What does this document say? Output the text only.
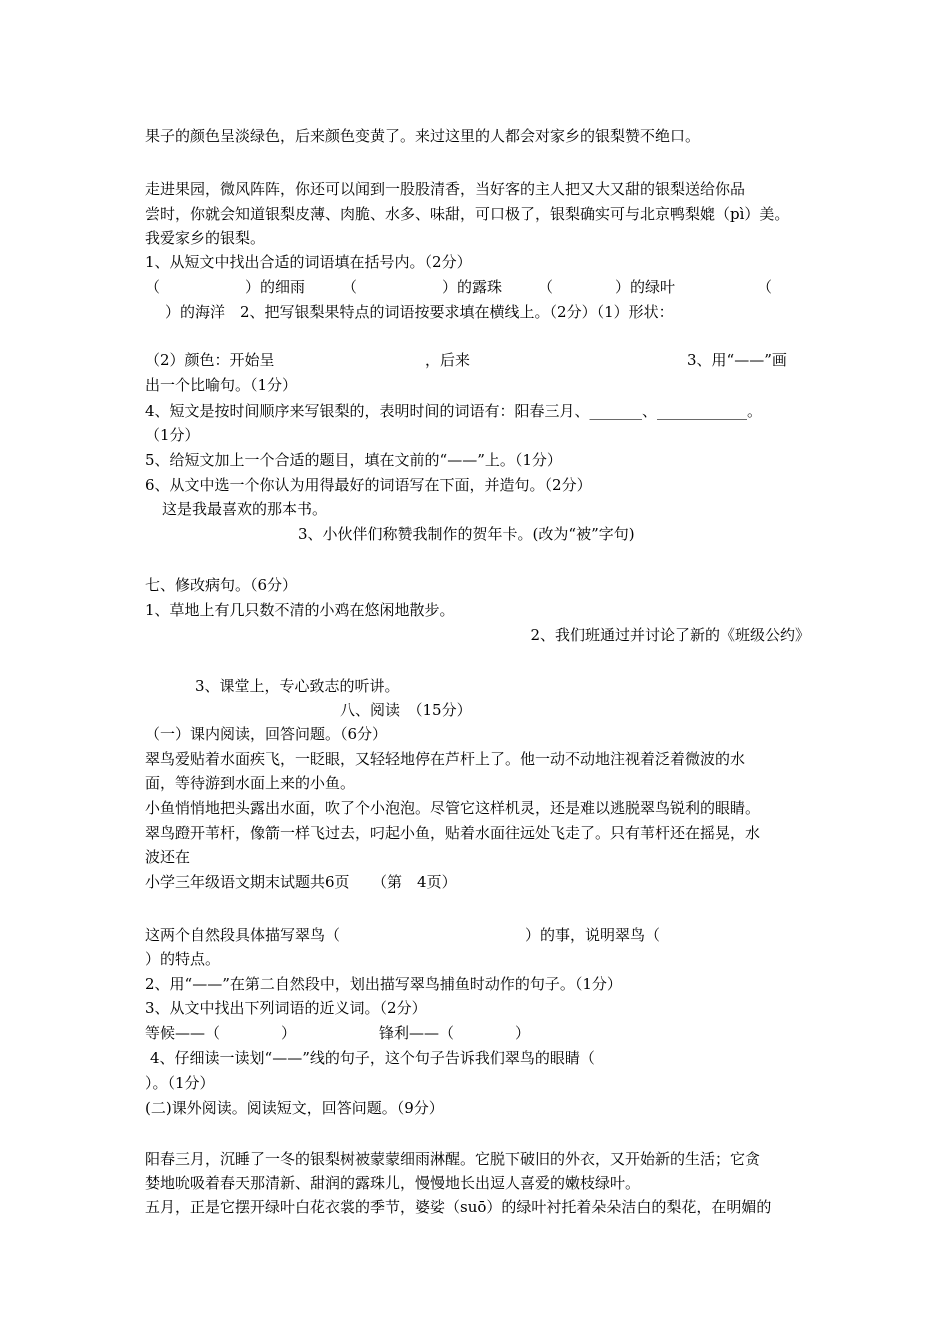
果子的颜色呈淡绿色，后来颜色变黄了。来过这里的人都会对家乡的银梨赞不绝口。
走进果园，微风阵阵，你还可以闻到一股股清香，当好客的主人把又大又甜的银梨送给你品
尝时，你就会知道银梨皮薄、肉脆、水多、味甜，可口极了，银梨确实可与北京鸭梨媲（pì）美。
我爱家乡的银梨。
1、从短文中找出合适的词语填在括号内。（2分）
（	）的细雨 （	）的露珠 （	）的绿叶	（
）的海洋　2、把写银梨果特点的词语按要求填在横线上。（2分）（1）形状：
（2）颜色：开始呈	，后来	3、用“——”画
出一个比喻句。（1分）
4、短文是按时间顺序来写银梨的，表明时间的词语有：阳春三月、_______、____________。
（1分）
5、给短文加上一个合适的题目，填在文前的“——”上。（1分）
6、从文中选一个你认为用得最好的词语写在下面，并造句。（2分）
这是我最喜欢的那本书。
3、小伙伴们称赞我制作的贺年卡。(改为“被”字句)
七、修改病句。（6分）
1、草地上有几只数不清的小鸡在悠闲地散步。
2、我们班通过并讨论了新的《班级公约》
3、课堂上，专心致志的听讲。
八、阅读　（15分）
（一）课内阅读，回答问题。（6分）
翠鸟爱贴着水面疾飞，一眨眼，又轻轻地停在芦杆上了。他一动不动地注视着泛着微波的水
面，等待游到水面上来的小鱼。
小鱼悄悄地把头露出水面，吹了个小泡泡。尽管它这样机灵，还是难以逃脱翠鸟锐利的眼睛。
翠鸟蹬开苇杆，像箭一样飞过去，叼起小鱼，贴着水面往远处飞走了。只有苇杆还在摇晃，水
波还在
小学三年级语文期末试题共6页　　（第　4页）
这两个自然段具体描写翠鸟（	）的事，说明翠鸟（
）的特点。
2、用“——”在第二自然段中，划出描写翠鸟捕鱼时动作的句子。（1分）
3、从文中找出下列词语的近义词。（2分）
等候——（	）	锋利——（	）
4、仔细读一读划“——”线的句子，这个句子告诉我们翠鸟的眼睛（
）。（1分）
(二)课外阅读。阅读短文，回答问题。（9分）
阳春三月，沉睡了一冬的银梨树被蒙蒙细雨淋醒。它脱下破旧的外衣，又开始新的生活；它贪
婪地吮吸着春天那清新、甜润的露珠儿，慢慢地长出逗人喜爱的嫩枝绿叶。
五月，正是它摆开绿叶白花衣裳的季节，婆娑（suō）的绿叶衬托着朵朵洁白的梨花，在明媚的
